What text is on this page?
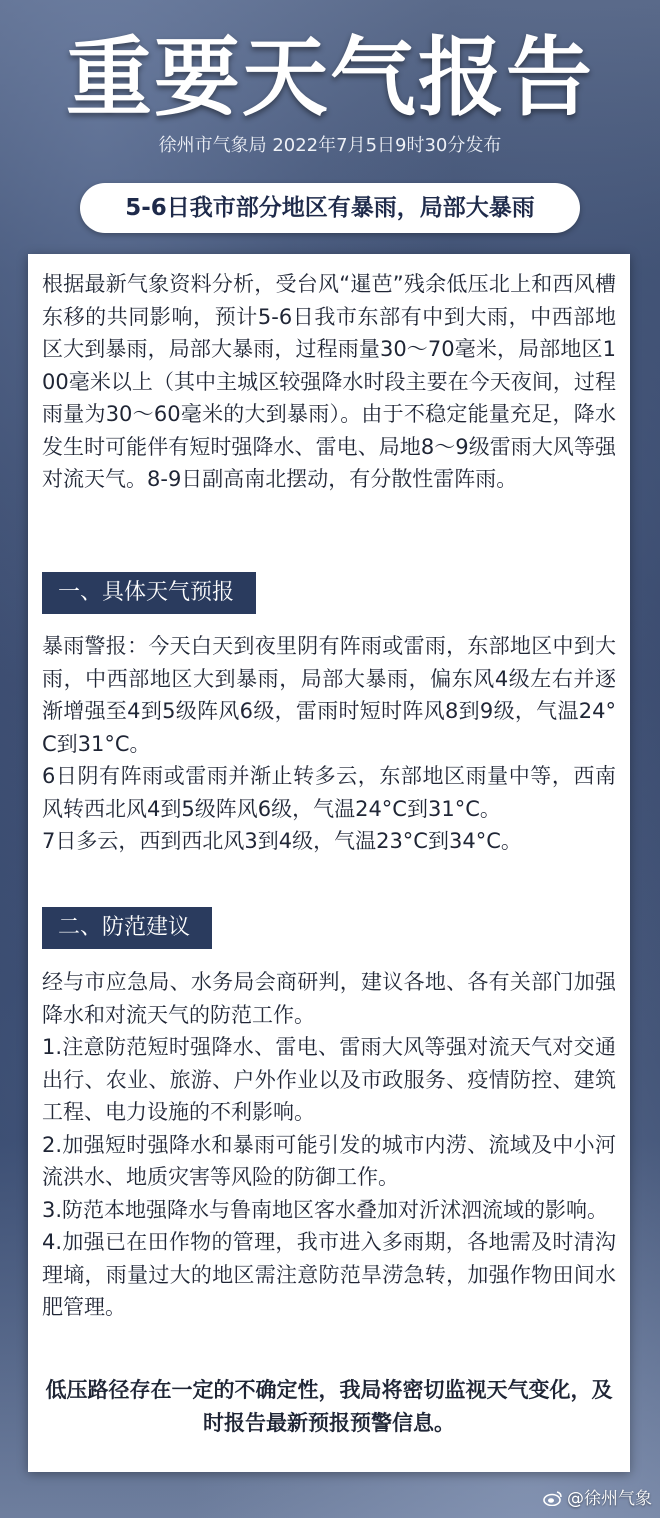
重要天气报告
徐州市气象局 2022年7月5日9时30分发布
5-6日我市部分地区有暴雨，局部大暴雨

根据最新气象资料分析，受台风“暹芭”残余低压北上和西风槽东移的共同影响，预计5-6日我市东部有中到大雨，中西部地区大到暴雨，局部大暴雨，过程雨量30～70毫米，局部地区100毫米以上（其中主城区较强降水时段主要在今天夜间，过程雨量为30～60毫米的大到暴雨）。由于不稳定能量充足，降水发生时可能伴有短时强降水、雷电、局地8～9级雷雨大风等强对流天气。8-9日副高南北摆动，有分散性雷阵雨。

一、具体天气预报

暴雨警报：今天白天到夜里阴有阵雨或雷雨，东部地区中到大雨，中西部地区大到暴雨，局部大暴雨，偏东风4级左右并逐渐增强至4到5级阵风6级，雷雨时短时阵风8到9级，气温24°C到31°C。
6日阴有阵雨或雷雨并渐止转多云，东部地区雨量中等，西南风转西北风4到5级阵风6级，气温24°C到31°C。
7日多云，西到西北风3到4级，气温23°C到34°C。

二、防范建议

经与市应急局、水务局会商研判，建议各地、各有关部门加强降水和对流天气的防范工作。
1.注意防范短时强降水、雷电、雷雨大风等强对流天气对交通出行、农业、旅游、户外作业以及市政服务、疫情防控、建筑工程、电力设施的不利影响。
2.加强短时强降水和暴雨可能引发的城市内涝、流域及中小河流洪水、地质灾害等风险的防御工作。
3.防范本地强降水与鲁南地区客水叠加对沂沭泗流域的影响。
4.加强已在田作物的管理，我市进入多雨期，各地需及时清沟理墒，雨量过大的地区需注意防范旱涝急转，加强作物田间水肥管理。

低压路径存在一定的不确定性，我局将密切监视天气变化，及时报告最新预报预警信息。
@徐州气象
